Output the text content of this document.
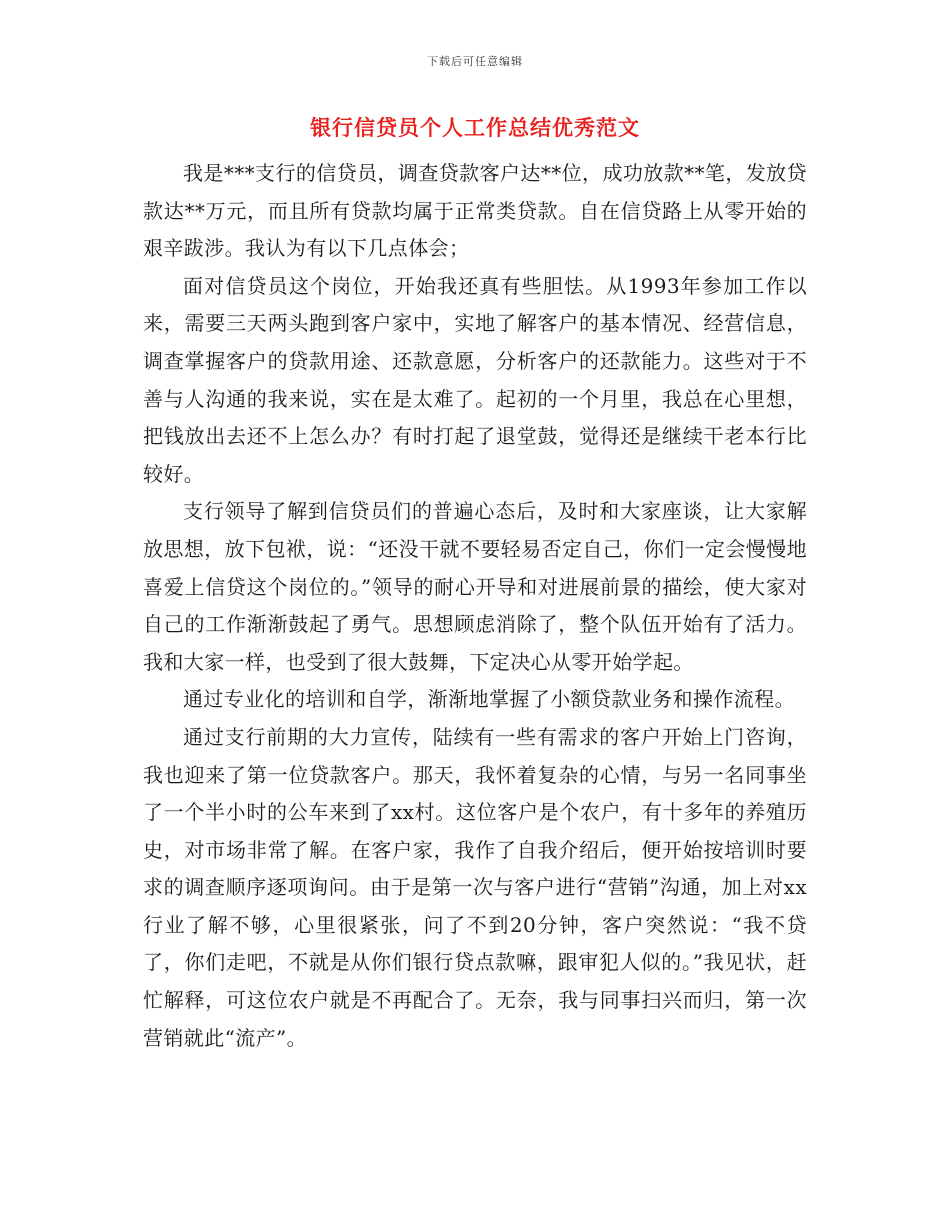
下载后可任意编辑
银行信贷员个人工作总结优秀范文

我是***支行的信贷员，调查贷款客户达**位，成功放款**笔，发放贷款达**万元，而且所有贷款均属于正常类贷款。自在信贷路上从零开始的艰辛跋涉。我认为有以下几点体会；

面对信贷员这个岗位，开始我还真有些胆怯。从1993年参加工作以来，需要三天两头跑到客户家中，实地了解客户的基本情况、经营信息，调查掌握客户的贷款用途、还款意愿，分析客户的还款能力。这些对于不善与人沟通的我来说，实在是太难了。起初的一个月里，我总在心里想，把钱放出去还不上怎么办？有时打起了退堂鼓，觉得还是继续干老本行比较好。

支行领导了解到信贷员们的普遍心态后，及时和大家座谈，让大家解放思想，放下包袱，说：“还没干就不要轻易否定自己，你们一定会慢慢地喜爱上信贷这个岗位的。”领导的耐心开导和对进展前景的描绘，使大家对自己的工作渐渐鼓起了勇气。思想顾虑消除了，整个队伍开始有了活力。我和大家一样，也受到了很大鼓舞，下定决心从零开始学起。

通过专业化的培训和自学，渐渐地掌握了小额贷款业务和操作流程。

通过支行前期的大力宣传，陆续有一些有需求的客户开始上门咨询，我也迎来了第一位贷款客户。那天，我怀着复杂的心情，与另一名同事坐了一个半小时的公车来到了xx村。这位客户是个农户，有十多年的养殖历史，对市场非常了解。在客户家，我作了自我介绍后，便开始按培训时要求的调查顺序逐项询问。由于是第一次与客户进行“营销”沟通，加上对xx行业了解不够，心里很紧张，问了不到20分钟，客户突然说：“我不贷了，你们走吧，不就是从你们银行贷点款嘛，跟审犯人似的。”我见状，赶忙解释，可这位农户就是不再配合了。无奈，我与同事扫兴而归，第一次营销就此“流产”。
